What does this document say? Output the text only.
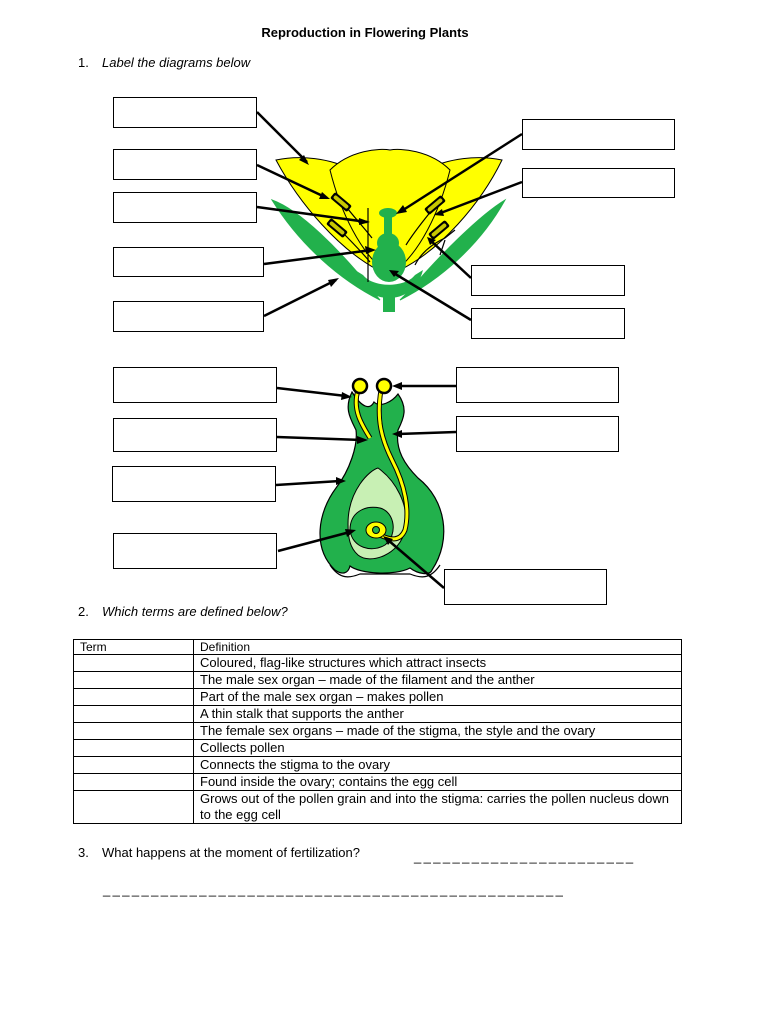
Reproduction in Flowering Plants
1. Label the diagrams below
2. Which terms are defined below?
Term	Definition
	Coloured, flag-like structures which attract insects
	The male sex organ – made of the filament and the anther
	Part of the male sex organ – makes pollen
	A thin stalk that supports the anther
	The female sex organs – made of the stigma, the style and the ovary
	Collects pollen
	Connects the stigma to the ovary
	Found inside the ovary; contains the egg cell
	Grows out of the pollen grain and into the stigma: carries the pollen nucleus down to the egg cell
3. What happens at the moment of fertilization?	_______________________
________________________________________________
